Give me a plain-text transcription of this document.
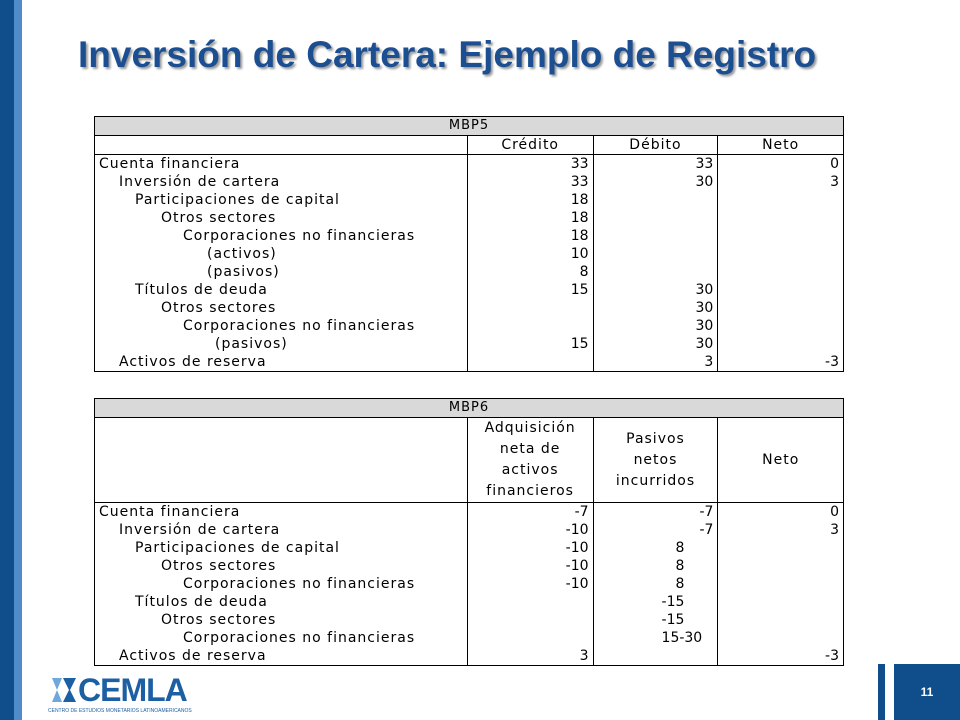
Inversión de Cartera: Ejemplo de Registro
MBP5			
	Crédito	Débito	Neto
Cuenta financiera	33	33	0
Inversión de cartera	33	30	3
Participaciones de capital	18		
Otros sectores	18		
Corporaciones no financieras	18		
(activos)	10		
(pasivos)	8		
Títulos de deuda	15	30	
Otros sectores		30	
Corporaciones no financieras		30	
(pasivos)	15	30	
Activos de reserva		3	-3
MBP6			
	Adquisición neta de activos financieros	Pasivos netos incurridos	Neto
Cuenta financiera	-7	-7	0
Inversión de cartera	-10	-7	3
Participaciones de capital	-10	8	
Otros sectores	-10	8	
Corporaciones no financieras	-10	8	
Títulos de deuda		-15	
Otros sectores		-15	
Corporaciones no financieras		15-30	
Activos de reserva	3		-3
CEMLA
CENTRO DE ESTUDIOS MONETARIOS LATINOAMERICANOS
11
